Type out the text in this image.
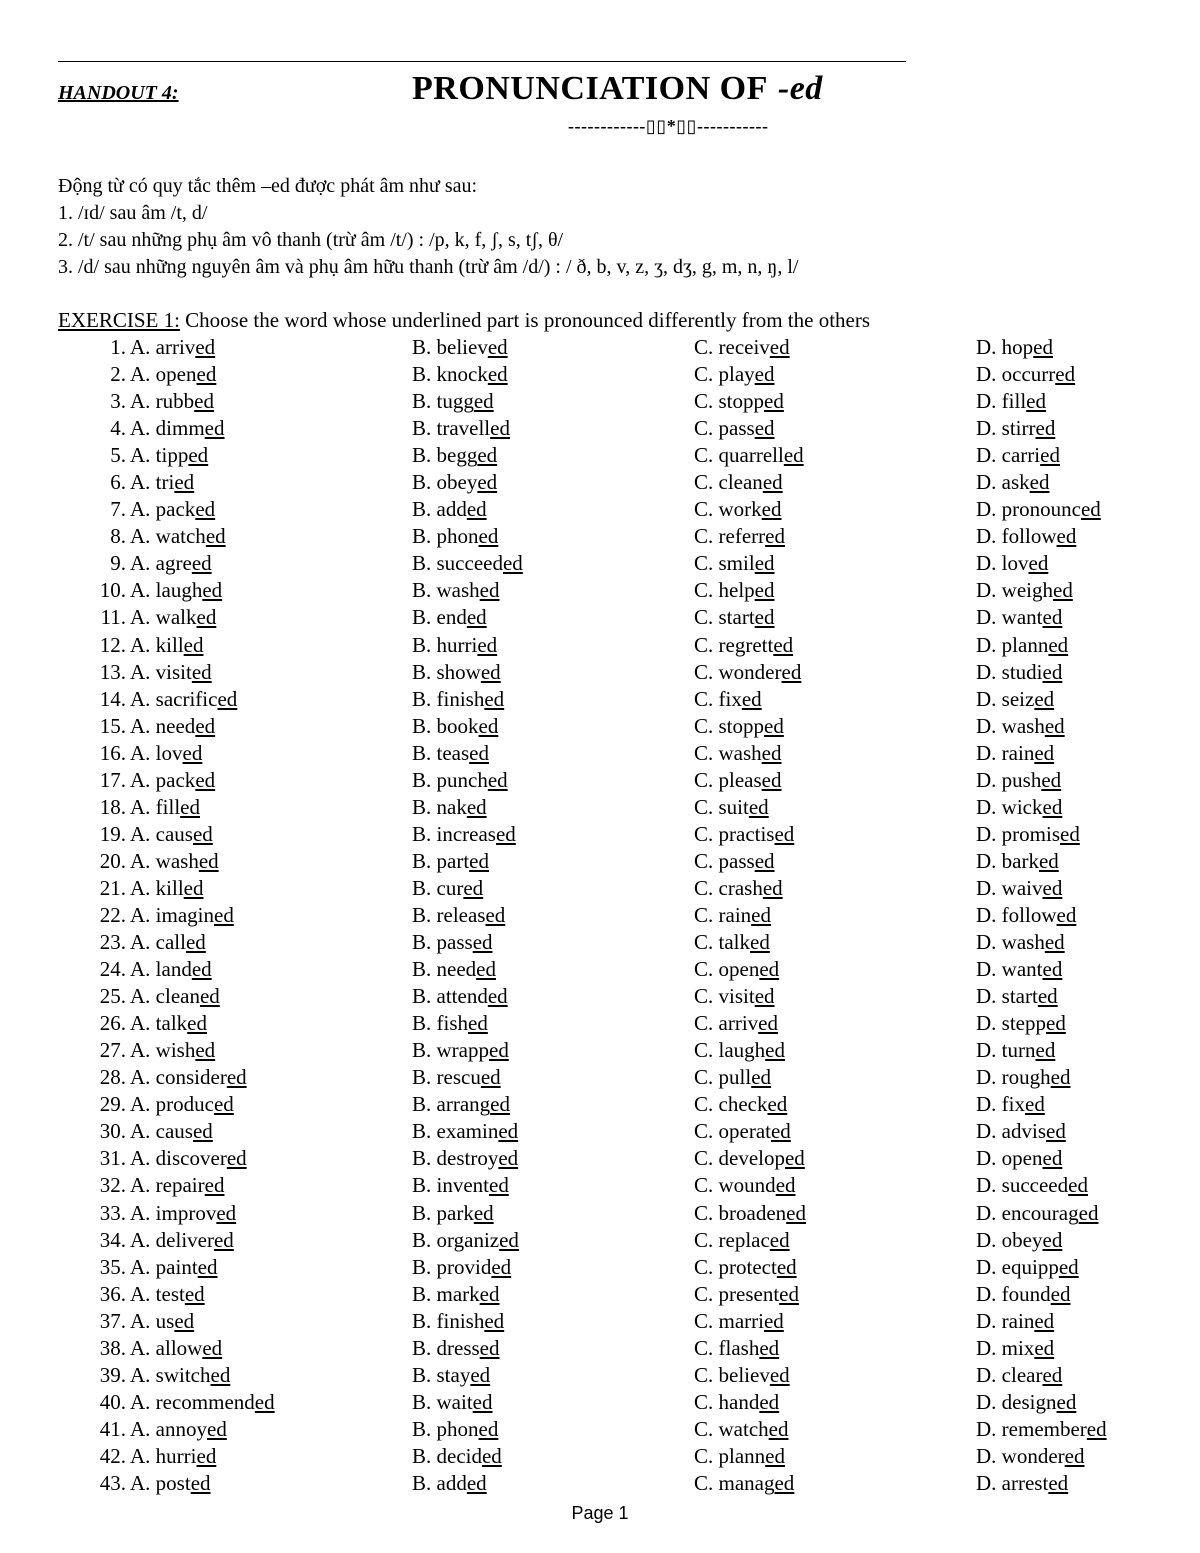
HANDOUT 4:	PRONUNCIATION OF -ed
------------▯▯*▯▯-----------
Động từ có quy tắc thêm –ed được phát âm như sau:
1. /ɪd/ sau âm /t, d/
2. /t/ sau những phụ âm vô thanh (trừ âm /t/) : /p, k, f, ʃ, s, tʃ, θ/
3. /d/ sau những nguyên âm và phụ âm hữu thanh (trừ âm /d/) : / ð, b, v, z, ʒ, dʒ, g, m, n, ŋ, l/
EXERCISE 1: Choose the word whose underlined part is pronounced differently from the others
1. A. arrived	B. believed	C. received	D. hoped
2. A. opened	B. knocked	C. played	D. occurred
3. A. rubbed	B. tugged	C. stopped	D. filled
4. A. dimmed	B. travelled	C. passed	D. stirred
5. A. tipped	B. begged	C. quarrelled	D. carried
6. A. tried	B. obeyed	C. cleaned	D. asked
7. A. packed	B. added	C. worked	D. pronounced
8. A. watched	B. phoned	C. referred	D. followed
9. A. agreed	B. succeeded	C. smiled	D. loved
10. A. laughed	B. washed	C. helped	D. weighed
11. A. walked	B. ended	C. started	D. wanted
12. A. killed	B. hurried	C. regretted	D. planned
13. A. visited	B. showed	C. wondered	D. studied
14. A. sacrificed	B. finished	C. fixed	D. seized
15. A. needed	B. booked	C. stopped	D. washed
16. A. loved	B. teased	C. washed	D. rained
17. A. packed	B. punched	C. pleased	D. pushed
18. A. filled	B. naked	C. suited	D. wicked
19. A. caused	B. increased	C. practised	D. promised
20. A. washed	B. parted	C. passed	D. barked
21. A. killed	B. cured	C. crashed	D. waived
22. A. imagined	B. released	C. rained	D. followed
23. A. called	B. passed	C. talked	D. washed
24. A. landed	B. needed	C. opened	D. wanted
25. A. cleaned	B. attended	C. visited	D. started
26. A. talked	B. fished	C. arrived	D. stepped
27. A. wished	B. wrapped	C. laughed	D. turned
28. A. considered	B. rescued	C. pulled	D. roughed
29. A. produced	B. arranged	C. checked	D. fixed
30. A. caused	B. examined	C. operated	D. advised
31. A. discovered	B. destroyed	C. developed	D. opened
32. A. repaired	B. invented	C. wounded	D. succeeded
33. A. improved	B. parked	C. broadened	D. encouraged
34. A. delivered	B. organized	C. replaced	D. obeyed
35. A. painted	B. provided	C. protected	D. equipped
36. A. tested	B. marked	C. presented	D. founded
37. A. used	B. finished	C. married	D. rained
38. A. allowed	B. dressed	C. flashed	D. mixed
39. A. switched	B. stayed	C. believed	D. cleared
40. A. recommended	B. waited	C. handed	D. designed
41. A. annoyed	B. phoned	C. watched	D. remembered
42. A. hurried	B. decided	C. planned	D. wondered
43. A. posted	B. added	C. managed	D. arrested
Page 1
